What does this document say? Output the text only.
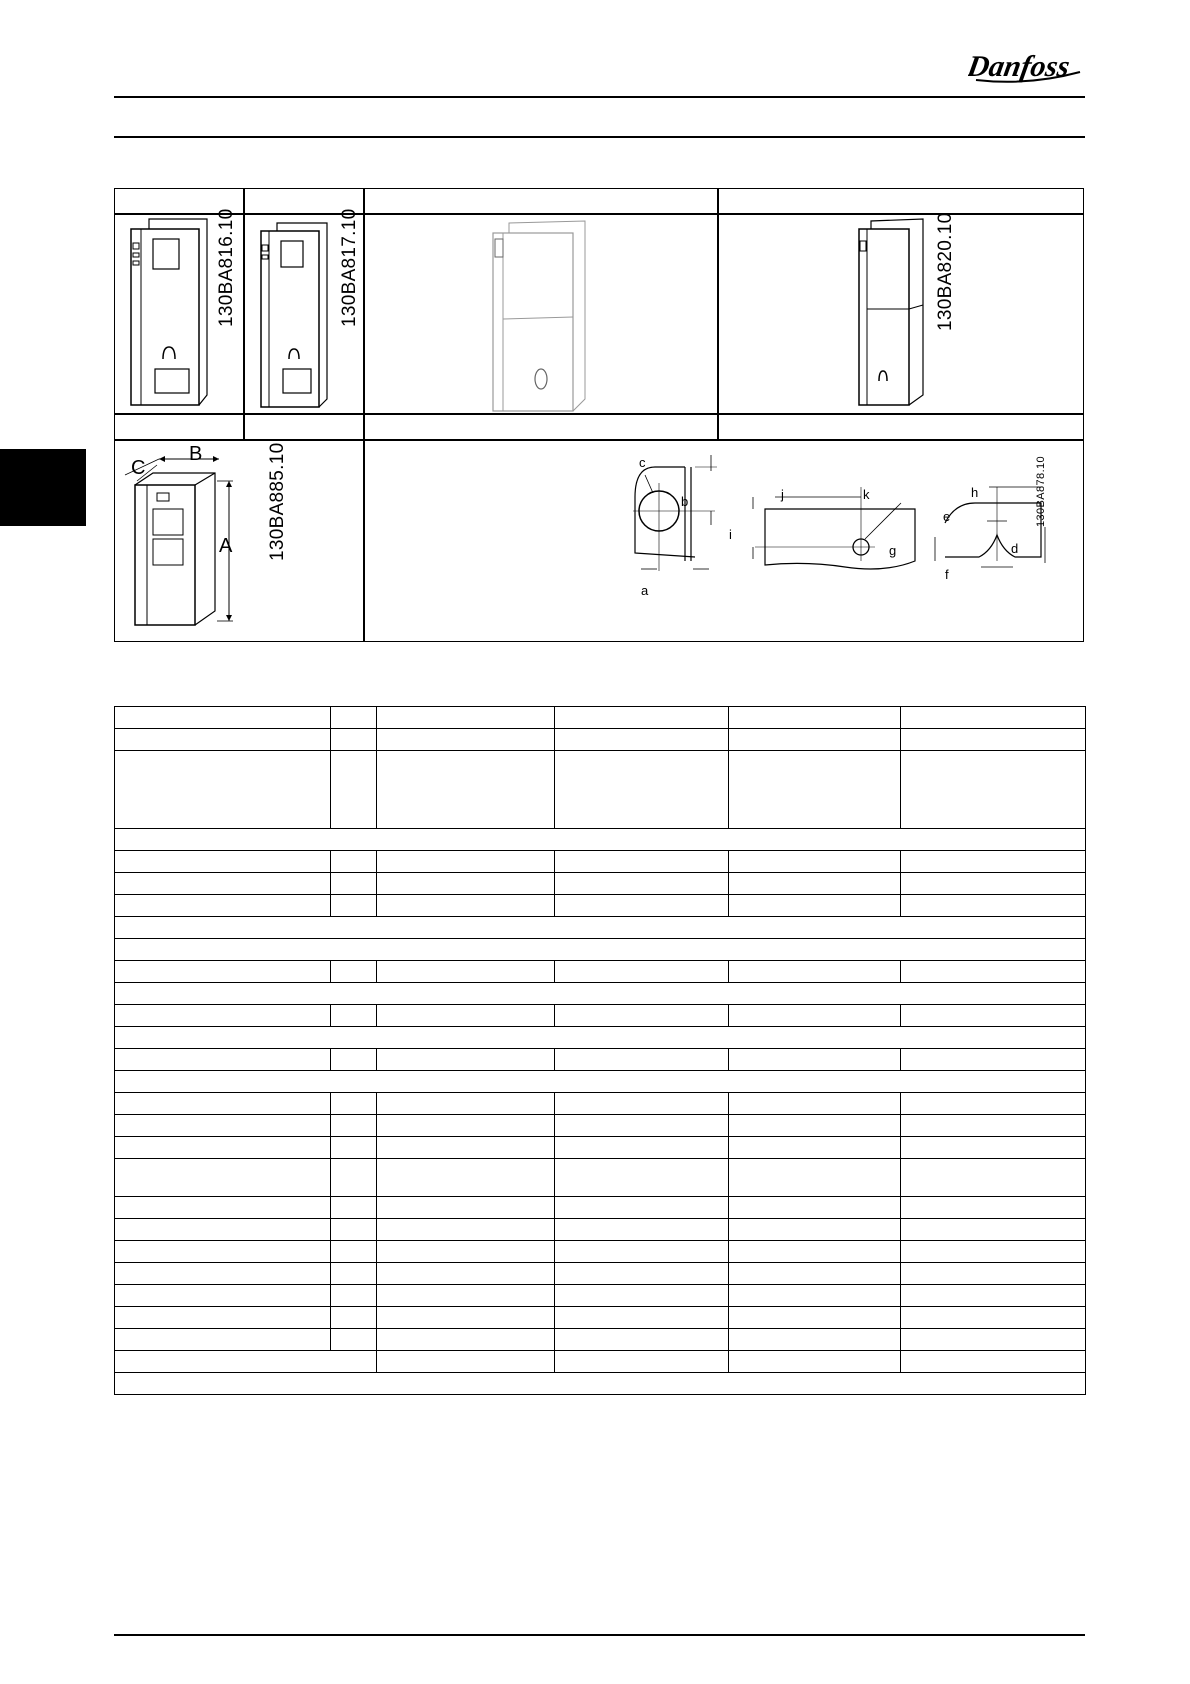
Danfoss
130BA816.10	130BA817.10	130BA820.10
A
B
C	130BA885.10	c
b
a
j	k
i
h
e
g	d
f
130BA878.10
